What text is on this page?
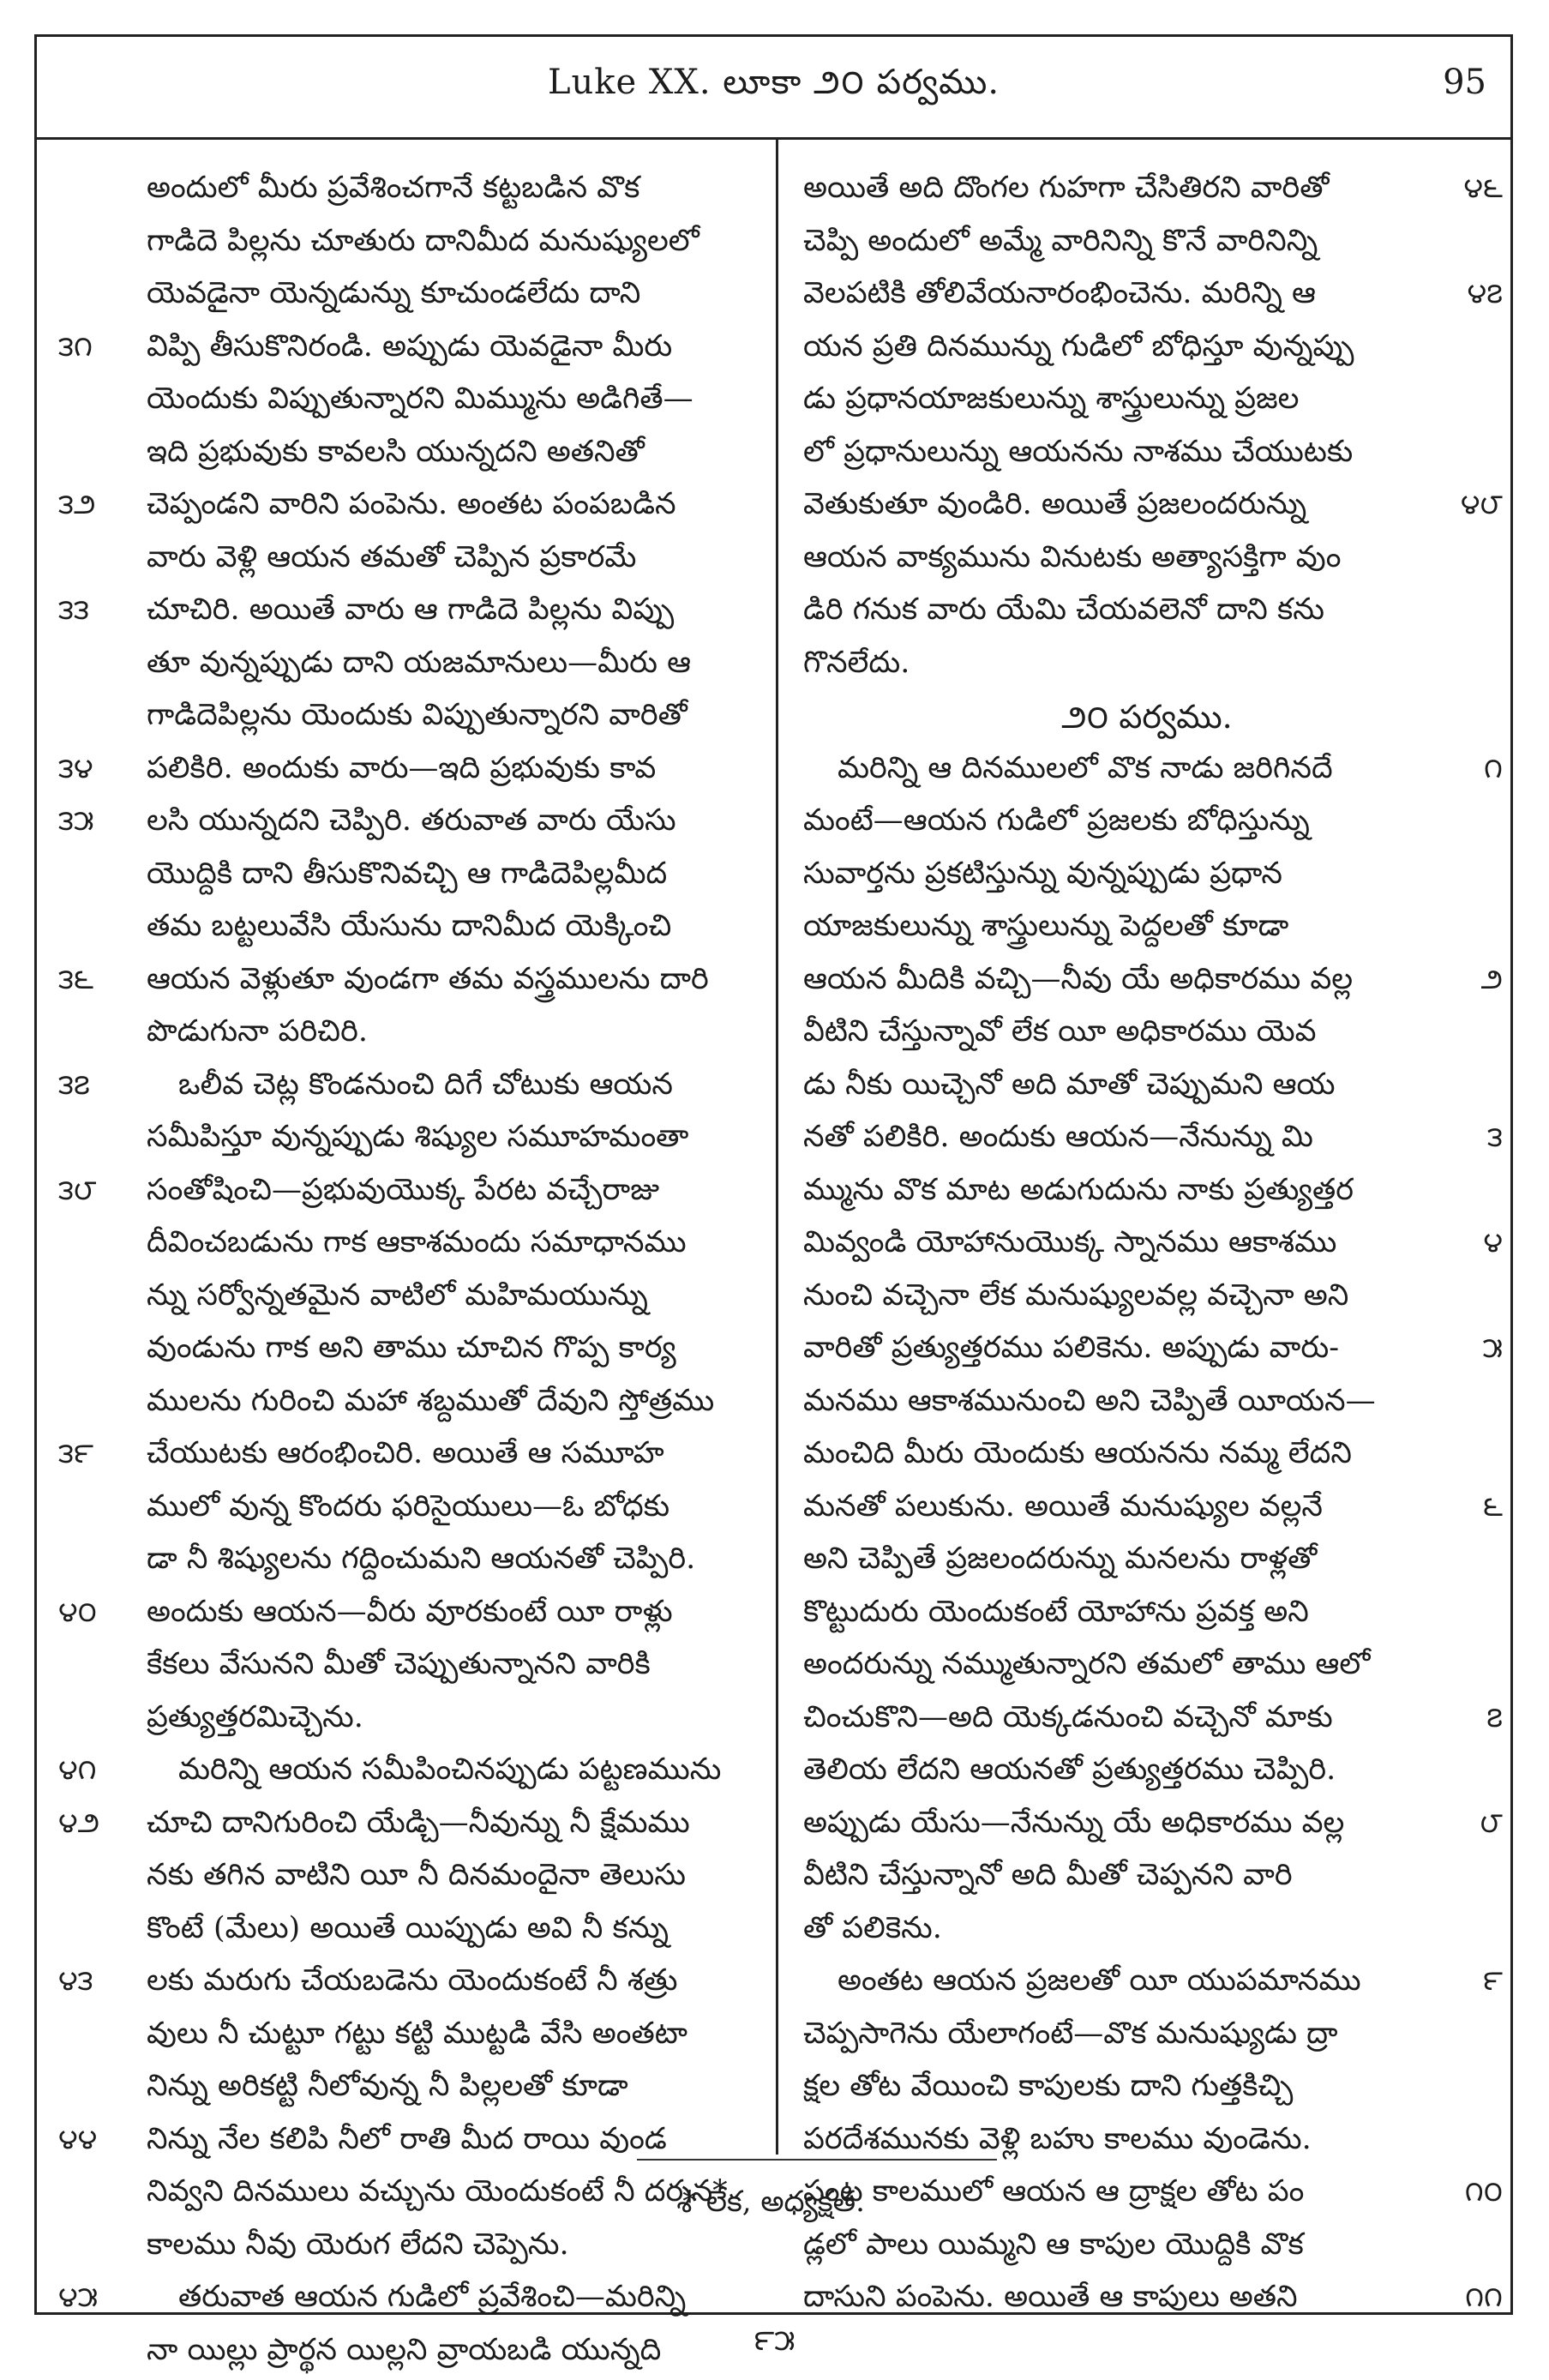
Luke XX. లూకా ౨౦ పర్వము.	95
అందులో మీరు ప్రవేశించగానే కట్టబడిన వొక
గాడిదె పిల్లను చూతురు దానిమీద మనుష్యులలో
యెవడైనా యెన్నడున్ను కూచుండలేదు దాని
౩౧	విప్పి తీసుకొనిరండి. అప్పుడు యెవడైనా మీరు
యెందుకు విప్పుతున్నారని మిమ్మును అడిగితే—
ఇది ప్రభువుకు కావలసి యున్నదని అతనితో
౩౨	చెప్పండని వారిని పంపెను. అంతట పంపబడిన
వారు వెళ్లి ఆయన తమతో చెప్పిన ప్రకారమే
౩౩	చూచిరి. అయితే వారు ఆ గాడిదె పిల్లను విప్పు
తూ వున్నప్పుడు దాని యజమానులు—మీరు ఆ
గాడిదెపిల్లను యెందుకు విప్పుతున్నారని వారితో
౩౪	పలికిరి. అందుకు వారు—ఇది ప్రభువుకు కావ
౩౫	లసి యున్నదని చెప్పిరి. తరువాత వారు యేసు
యొద్దికి దాని తీసుకొనివచ్చి ఆ గాడిదెపిల్లమీద
తమ బట్టలువేసి యేసును దానిమీద యెక్కించి
౩౬	ఆయన వెళ్లుతూ వుండగా తమ వస్త్రములను దారి
పొడుగునా పరిచిరి.
౩౭	ఒలీవ చెట్ల కొండనుంచి దిగే చోటుకు ఆయన
సమీపిస్తూ వున్నప్పుడు శిష్యుల సమూహమంతా
౩౮	సంతోషించి—ప్రభువుయొక్క పేరట వచ్చేరాజు
దీవించబడును గాక ఆకాశమందు సమాధానము
న్ను సర్వోన్నతమైన వాటిలో మహిమయున్ను
వుండును గాక అని తాము చూచిన గొప్ప కార్య
ములను గురించి మహా శబ్దముతో దేవుని స్తోత్రము
౩౯	చేయుటకు ఆరంభించిరి. అయితే ఆ సమూహ
ములో వున్న కొందరు ఫరిసైయులు—ఓ బోధకు
డా నీ శిష్యులను గద్దించుమని ఆయనతో చెప్పిరి.
౪౦	అందుకు ఆయన—వీరు వూరకుంటే యీ రాళ్లు
కేకలు వేసునని మీతో చెప్పుతున్నానని వారికి
ప్రత్యుత్తరమిచ్చెను.
౪౧	మరిన్ని ఆయన సమీపించినప్పుడు పట్టణమును
౪౨	చూచి దానిగురించి యేడ్చి—నీవున్ను నీ క్షేమము
నకు తగిన వాటిని యీ నీ దినమందైనా తెలుసు
కొంటే (మేలు) అయితే యిప్పుడు అవి నీ కన్ను
౪౩	లకు మరుగు చేయబడెను యెందుకంటే నీ శత్రు
వులు నీ చుట్టూ గట్టు కట్టి ముట్టడి వేసి అంతటా
నిన్ను అరికట్టి నీలోవున్న నీ పిల్లలతో కూడా
౪౪	నిన్ను నేల కలిపి నీలో రాతి మీద రాయి వుండ
నివ్వని దినములు వచ్చును యెందుకంటే నీ దర్శన*
కాలము నీవు యెరుగ లేదని చెప్పెను.
౪౫	తరువాత ఆయన గుడిలో ప్రవేశించి—మరిన్ని
నా యిల్లు ప్రార్థన యిల్లని వ్రాయబడి యున్నది
౪౬
అయితే అది దొంగల గుహగా చేసితిరని వారితో
చెప్పి అందులో అమ్మే వారినిన్ని కొనే వారినిన్ని
౪౭
వెలపటికి తోలివేయనారంభించెను. మరిన్ని ఆ
యన ప్రతి దినమున్ను గుడిలో బోధిస్తూ వున్నప్పు
డు ప్రధానయాజకులున్ను శాస్త్రులున్ను ప్రజల
లో ప్రధానులున్ను ఆయనను నాశము చేయుటకు
౪౮
వెతుకుతూ వుండిరి. అయితే ప్రజలందరున్ను
ఆయన వాక్యమును వినుటకు అత్యాసక్తిగా వుం
డిరి గనుక వారు యేమి చేయవలెనో దాని కను
గొనలేదు.
౨౦ పర్వము.
౧
మరిన్ని ఆ దినములలో వొక నాడు జరిగినదే
మంటే—ఆయన గుడిలో ప్రజలకు బోధిస్తున్ను
సువార్తను ప్రకటిస్తున్ను వున్నప్పుడు ప్రధాన
యాజకులున్ను శాస్త్రులున్ను పెద్దలతో కూడా
౨
ఆయన మీదికి వచ్చి—నీవు యే అధికారము వల్ల
వీటిని చేస్తున్నావో లేక యీ అధికారము యెవ
డు నీకు యిచ్చెనో అది మాతో చెప్పుమని ఆయ
౩
నతో పలికిరి. అందుకు ఆయన—నేనున్ను మి
మ్మును వొక మాట అడుగుదును నాకు ప్రత్యుత్తర
౪
మివ్వండి యోహానుయొక్క స్నానము ఆకాశము
నుంచి వచ్చెనా లేక మనుష్యులవల్ల వచ్చెనా అని
౫
వారితో ప్రత్యుత్తరము పలికెను. అప్పుడు వారు-
మనము ఆకాశమునుంచి అని చెప్పితే యీయన—
మంచిది మీరు యెందుకు ఆయనను నమ్మ లేదని
౬
మనతో పలుకును. అయితే మనుష్యుల వల్లనే
అని చెప్పితే ప్రజలందరున్ను మనలను రాళ్లతో
కొట్టుదురు యెందుకంటే యోహాను ప్రవక్త అని
అందరున్ను నమ్ముతున్నారని తమలో తాము ఆలో
౭
చించుకొని—అది యెక్కడనుంచి వచ్చెనో మాకు
తెలియ లేదని ఆయనతో ప్రత్యుత్తరము చెప్పిరి.
౮
అప్పుడు యేసు—నేనున్ను యే అధికారము వల్ల
వీటిని చేస్తున్నానో అది మీతో చెప్పనని వారి
తో పలికెను.
౯
అంతట ఆయన ప్రజలతో యీ యుపమానము
చెప్పసాగెను యేలాగంటే—వొక మనుష్యుడు ద్రా
క్షల తోట వేయించి కాపులకు దాని గుత్తకిచ్చి
పరదేశమునకు వెళ్లి బహు కాలము వుండెను.
౧౦
పంట కాలములో ఆయన ఆ ద్రాక్షల తోట పం
డ్లలో పాలు యిమ్మని ఆ కాపుల యొద్దికి వొక
౧౧
దాసుని పంపెను. అయితే ఆ కాపులు అతని
* లేక, అధ్యక్షత.
౯౫
